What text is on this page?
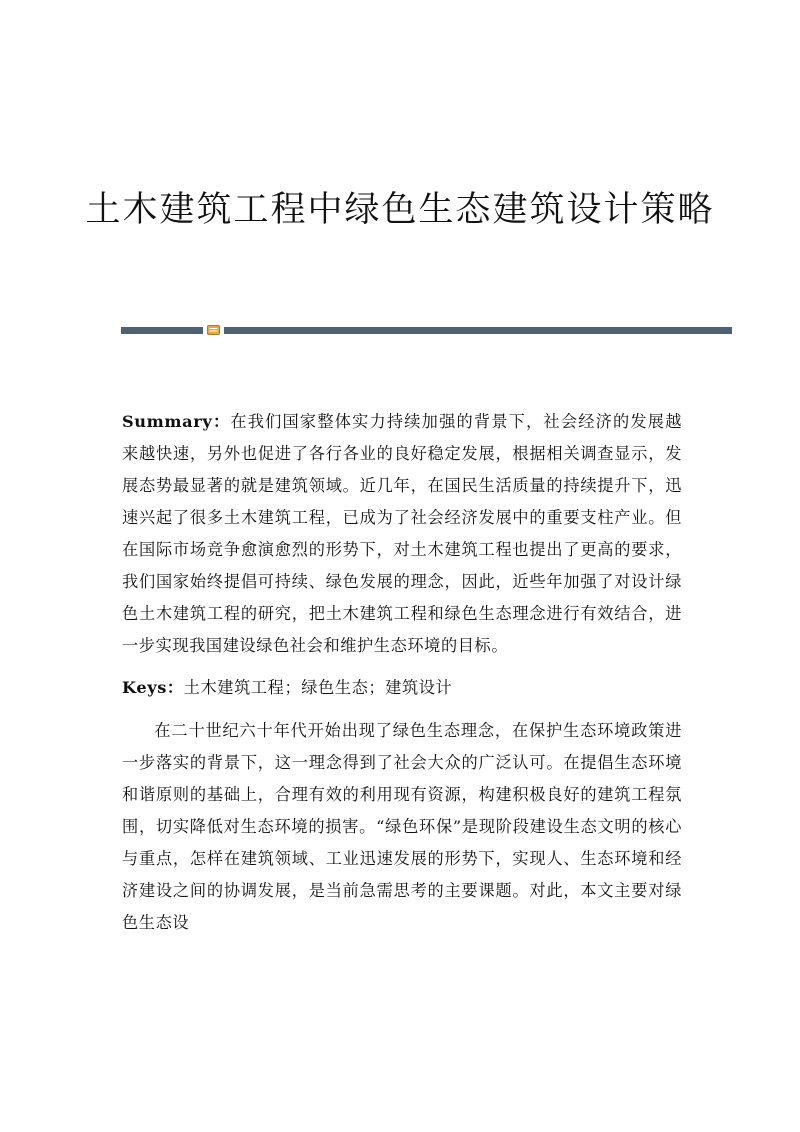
土木建筑工程中绿色生态建筑设计策略

Summary：在我们国家整体实力持续加强的背景下，社会经济的发展越来越快速，另外也促进了各行各业的良好稳定发展，根据相关调查显示，发展态势最显著的就是建筑领域。近几年，在国民生活质量的持续提升下，迅速兴起了很多土木建筑工程，已成为了社会经济发展中的重要支柱产业。但在国际市场竞争愈演愈烈的形势下，对土木建筑工程也提出了更高的要求，我们国家始终提倡可持续、绿色发展的理念，因此，近些年加强了对设计绿色土木建筑工程的研究，把土木建筑工程和绿色生态理念进行有效结合，进一步实现我国建设绿色社会和维护生态环境的目标。

Keys：土木建筑工程；绿色生态；建筑设计

在二十世纪六十年代开始出现了绿色生态理念，在保护生态环境政策进一步落实的背景下，这一理念得到了社会大众的广泛认可。在提倡生态环境和谐原则的基础上，合理有效的利用现有资源，构建积极良好的建筑工程氛围，切实降低对生态环境的损害。“绿色环保”是现阶段建设生态文明的核心与重点，怎样在建筑领域、工业迅速发展的形势下，实现人、生态环境和经济建设之间的协调发展，是当前急需思考的主要课题。对此，本文主要对绿色生态设
